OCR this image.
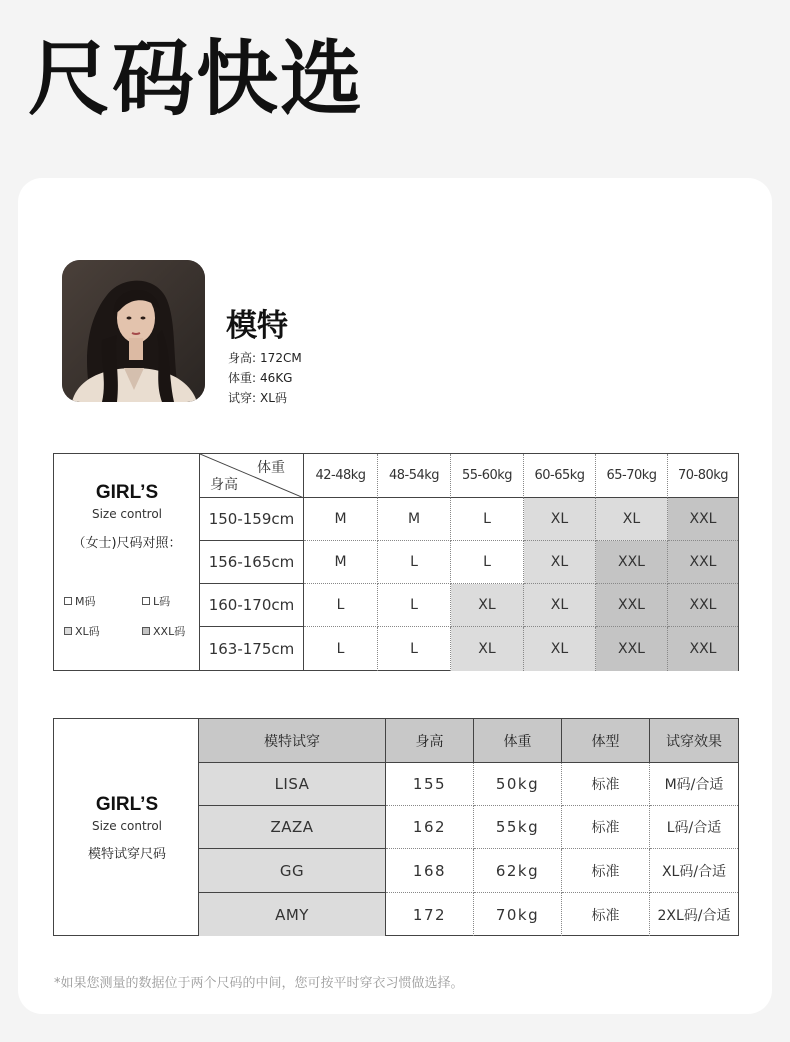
尺码快选
模特
身高: 172CM
体重: 46KG
试穿: XL码
GIRL’S
Size control
（女士)尺码对照：
M码	L码
XL码	XXL码
体重
身高
42-48kg	48-54kg	55-60kg	60-65kg	65-70kg	70-80kg
150-159cm	M	M	L	XL	XL	XXL
156-165cm	M	L	L	XL	XXL	XXL
160-170cm	L	L	XL	XL	XXL	XXL
163-175cm	L	L	XL	XL	XXL	XXL
GIRL’S
Size control
模特试穿尺码
模特试穿	身高	体重	体型	试穿效果
LISA	155	50kg	标准	M码/合适
ZAZA	162	55kg	标准	L码/合适
GG	168	62kg	标准	XL码/合适
AMY	172	70kg	标准	2XL码/合适
*如果您测量的数据位于两个尺码的中间，您可按平时穿衣习惯做选择。
